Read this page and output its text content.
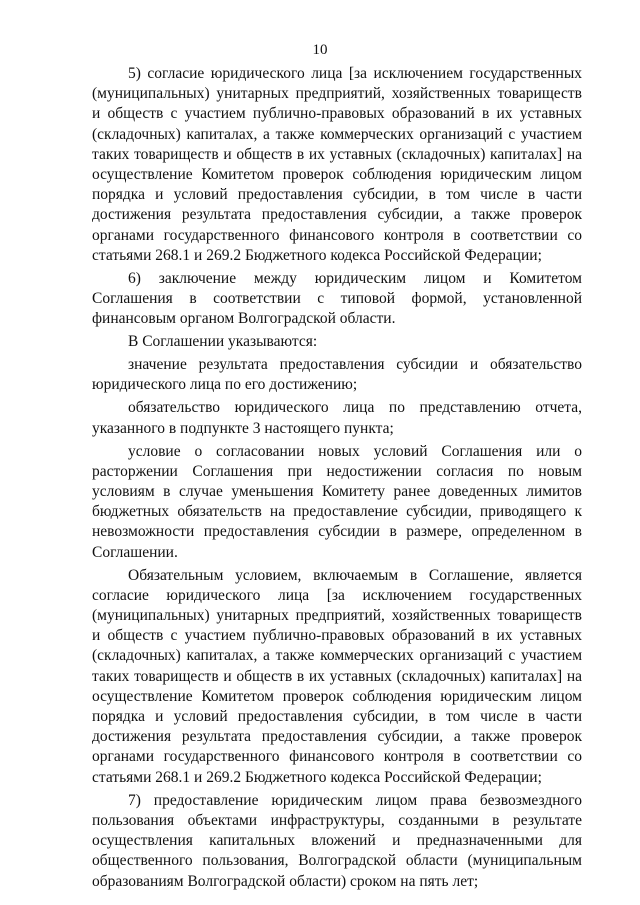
10

5) согласие юридического лица [за исключением государственных (муниципальных) унитарных предприятий, хозяйственных товариществ и обществ с участием публично-правовых образований в их уставных (складочных) капиталах, а также коммерческих организаций с участием таких товариществ и обществ в их уставных (складочных) капиталах] на осуществление Комитетом проверок соблюдения юридическим лицом порядка и условий предоставления субсидии, в том числе в части достижения результата предоставления субсидии, а также проверок органами государственного финансового контроля в соответствии со статьями 268.1 и 269.2 Бюджетного кодекса Российской Федерации;

6) заключение между юридическим лицом и Комитетом Соглашения в соответствии с типовой формой, установленной финансовым органом Волгоградской области.

В Соглашении указываются:

значение результата предоставления субсидии и обязательство юридического лица по его достижению;

обязательство юридического лица по представлению отчета, указанного в подпункте 3 настоящего пункта;

условие о согласовании новых условий Соглашения или о расторжении Соглашения при недостижении согласия по новым условиям в случае уменьшения Комитету ранее доведенных лимитов бюджетных обязательств на предоставление субсидии, приводящего к невозможности предоставления субсидии в размере, определенном в Соглашении.

Обязательным условием, включаемым в Соглашение, является согласие юридического лица [за исключением государственных (муниципальных) унитарных предприятий, хозяйственных товариществ и обществ с участием публично-правовых образований в их уставных (складочных) капиталах, а также коммерческих организаций с участием таких товариществ и обществ в их уставных (складочных) капиталах] на осуществление Комитетом проверок соблюдения юридическим лицом порядка и условий предоставления субсидии, в том числе в части достижения результата предоставления субсидии, а также проверок органами государственного финансового контроля в соответствии со статьями 268.1 и 269.2 Бюджетного кодекса Российской Федерации;

7) предоставление юридическим лицом права безвозмездного пользования объектами инфраструктуры, созданными в результате осуществления капитальных вложений и предназначенными для общественного пользования, Волгоградской области (муниципальным образованиям Волгоградской области) сроком на пять лет;
